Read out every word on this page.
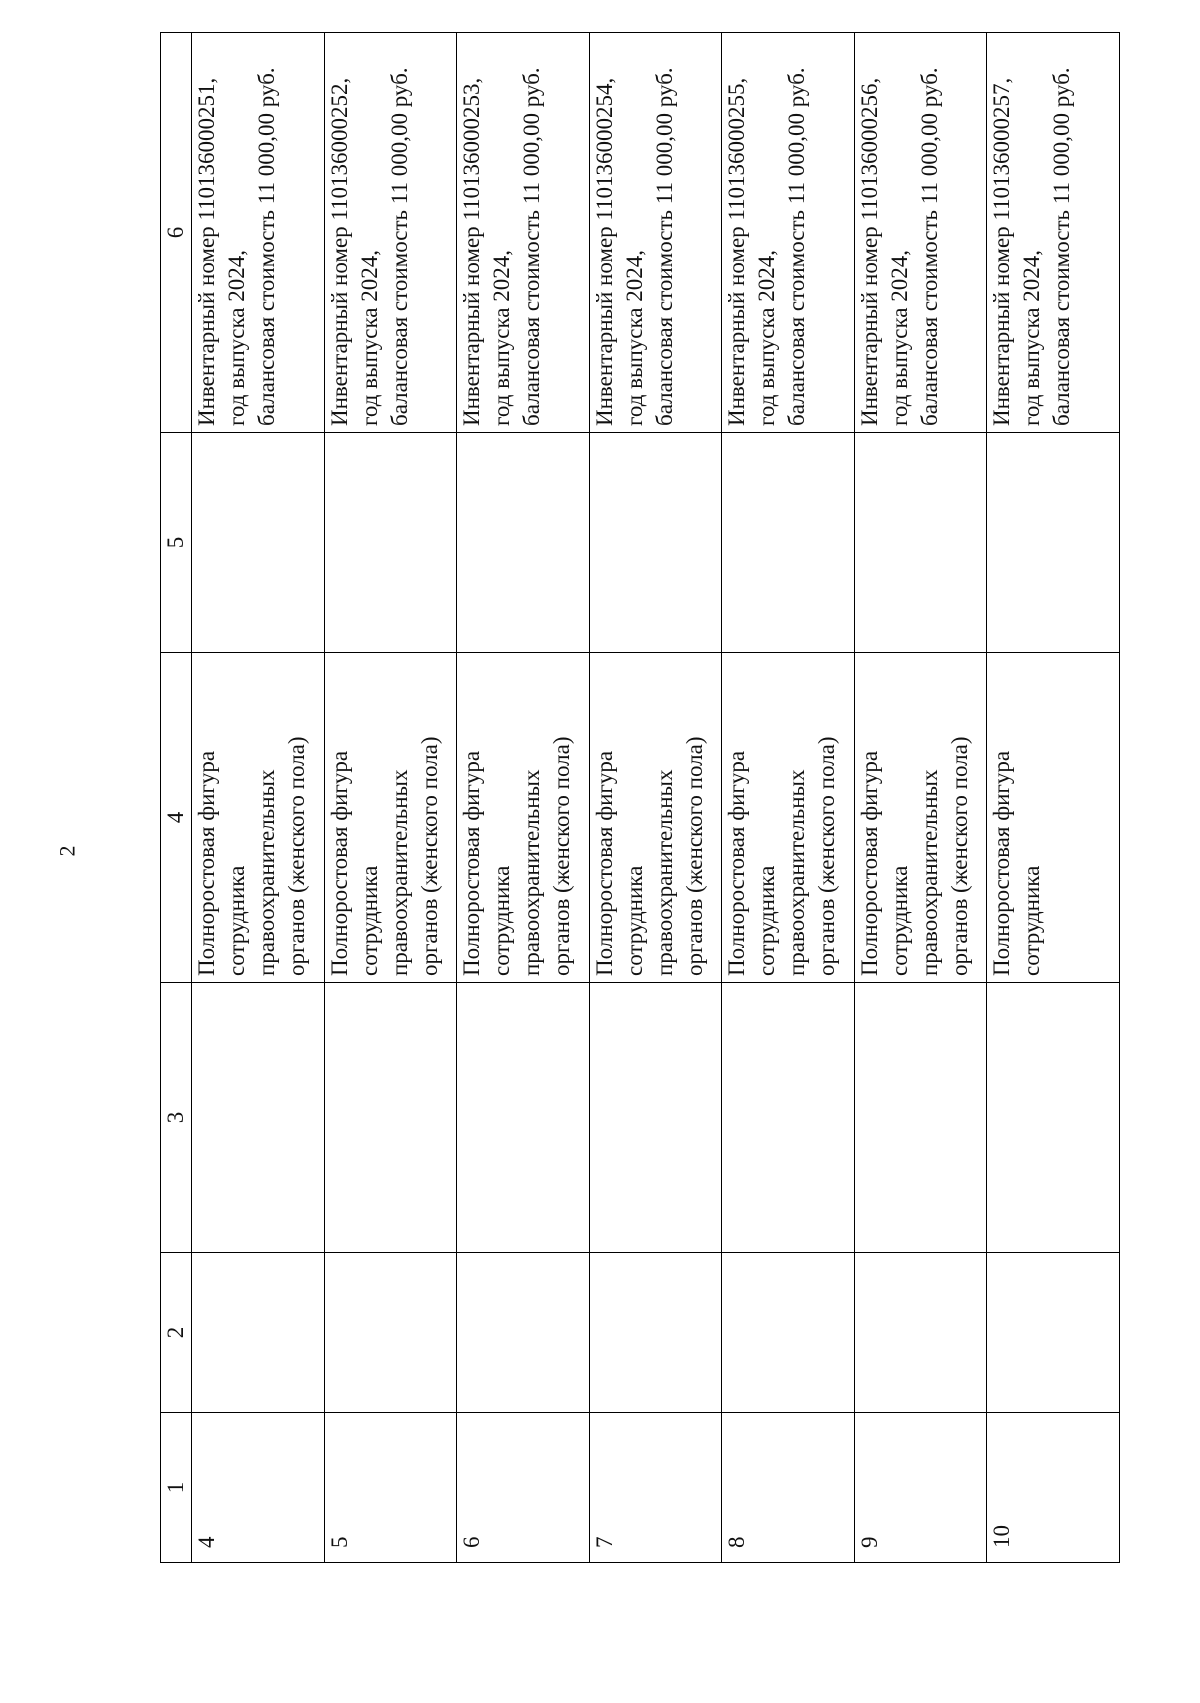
2
1	2	3	4	5	6
4			Полноростовая фигура сотрудника правоохранительных органов (женского пола)		Инвентарный номер 110136000251, год выпуска 2024, балансовая стоимость 11 000,00 руб.

5			Полноростовая фигура сотрудника правоохранительных органов (женского пола)		Инвентарный номер 110136000252, год выпуска 2024, балансовая стоимость 11 000,00 руб.

6			Полноростовая фигура сотрудника правоохранительных органов (женского пола)		Инвентарный номер 110136000253, год выпуска 2024, балансовая стоимость 11 000,00 руб.

7			Полноростовая фигура сотрудника правоохранительных органов (женского пола)		Инвентарный номер 110136000254, год выпуска 2024, балансовая стоимость 11 000,00 руб.

8			Полноростовая фигура сотрудника правоохранительных органов (женского пола)		Инвентарный номер 110136000255, год выпуска 2024, балансовая стоимость 11 000,00 руб.

9			Полноростовая фигура сотрудника правоохранительных органов (женского пола)		Инвентарный номер 110136000256, год выпуска 2024, балансовая стоимость 11 000,00 руб.

10			Полноростовая фигура сотрудника		Инвентарный номер 110136000257, год выпуска 2024, балансовая стоимость 11 000,00 руб.
